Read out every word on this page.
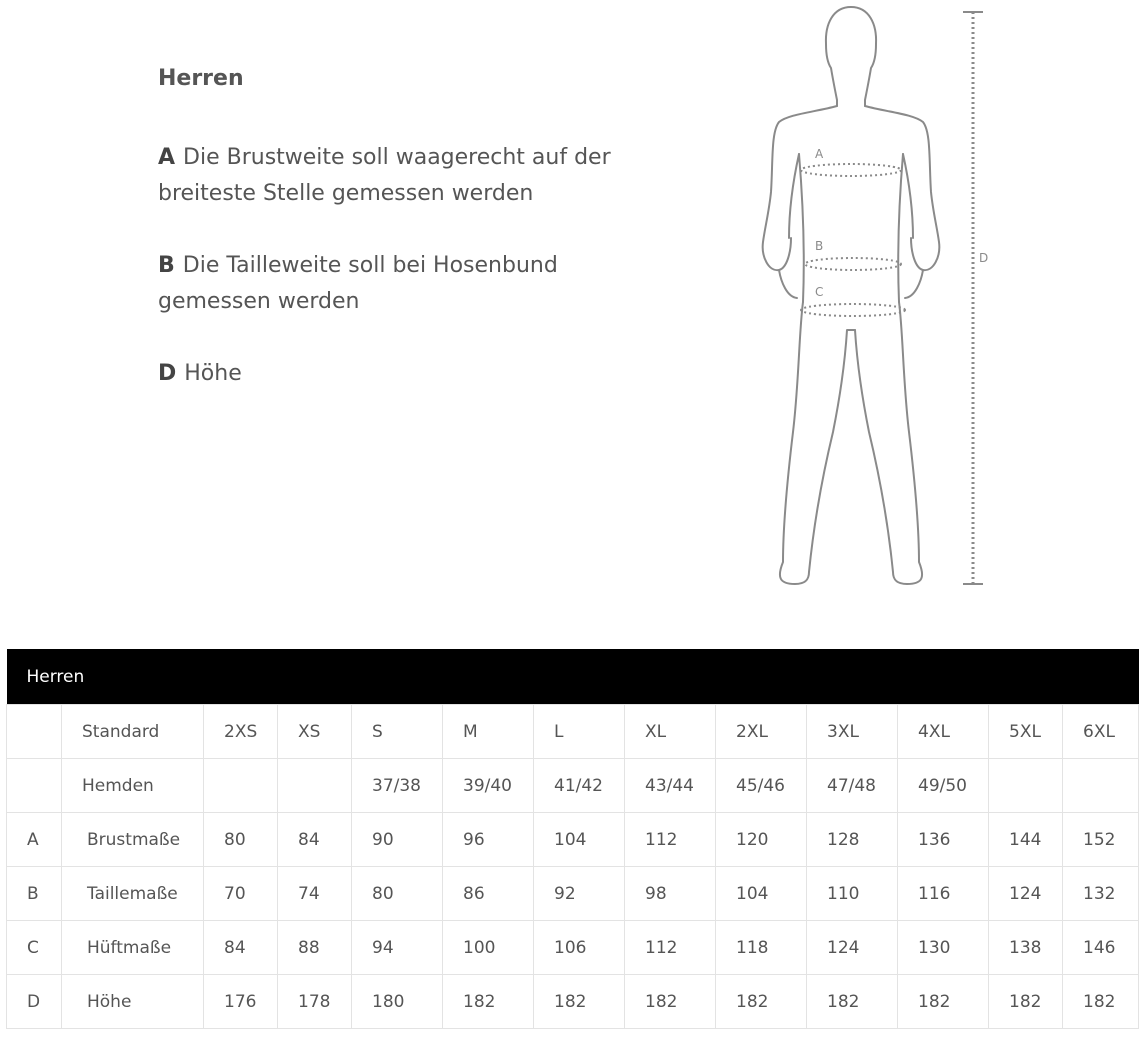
Herren

A Die Brustweite soll waagerecht auf der breiteste Stelle gemessen werden

B Die Tailleweite soll bei Hosenbund gemessen werden

D Höhe

A
B
C
D
Herren												
	Standard	2XS	XS	S	M	L	XL	2XL	3XL	4XL	5XL	6XL
	Hemden			37/38	39/40	41/42	43/44	45/46	47/48	49/50		
A	Brustmaße	80	84	90	96	104	112	120	128	136	144	152
B	Taillemaße	70	74	80	86	92	98	104	110	116	124	132
C	Hüftmaße	84	88	94	100	106	112	118	124	130	138	146
D	Höhe	176	178	180	182	182	182	182	182	182	182	182
